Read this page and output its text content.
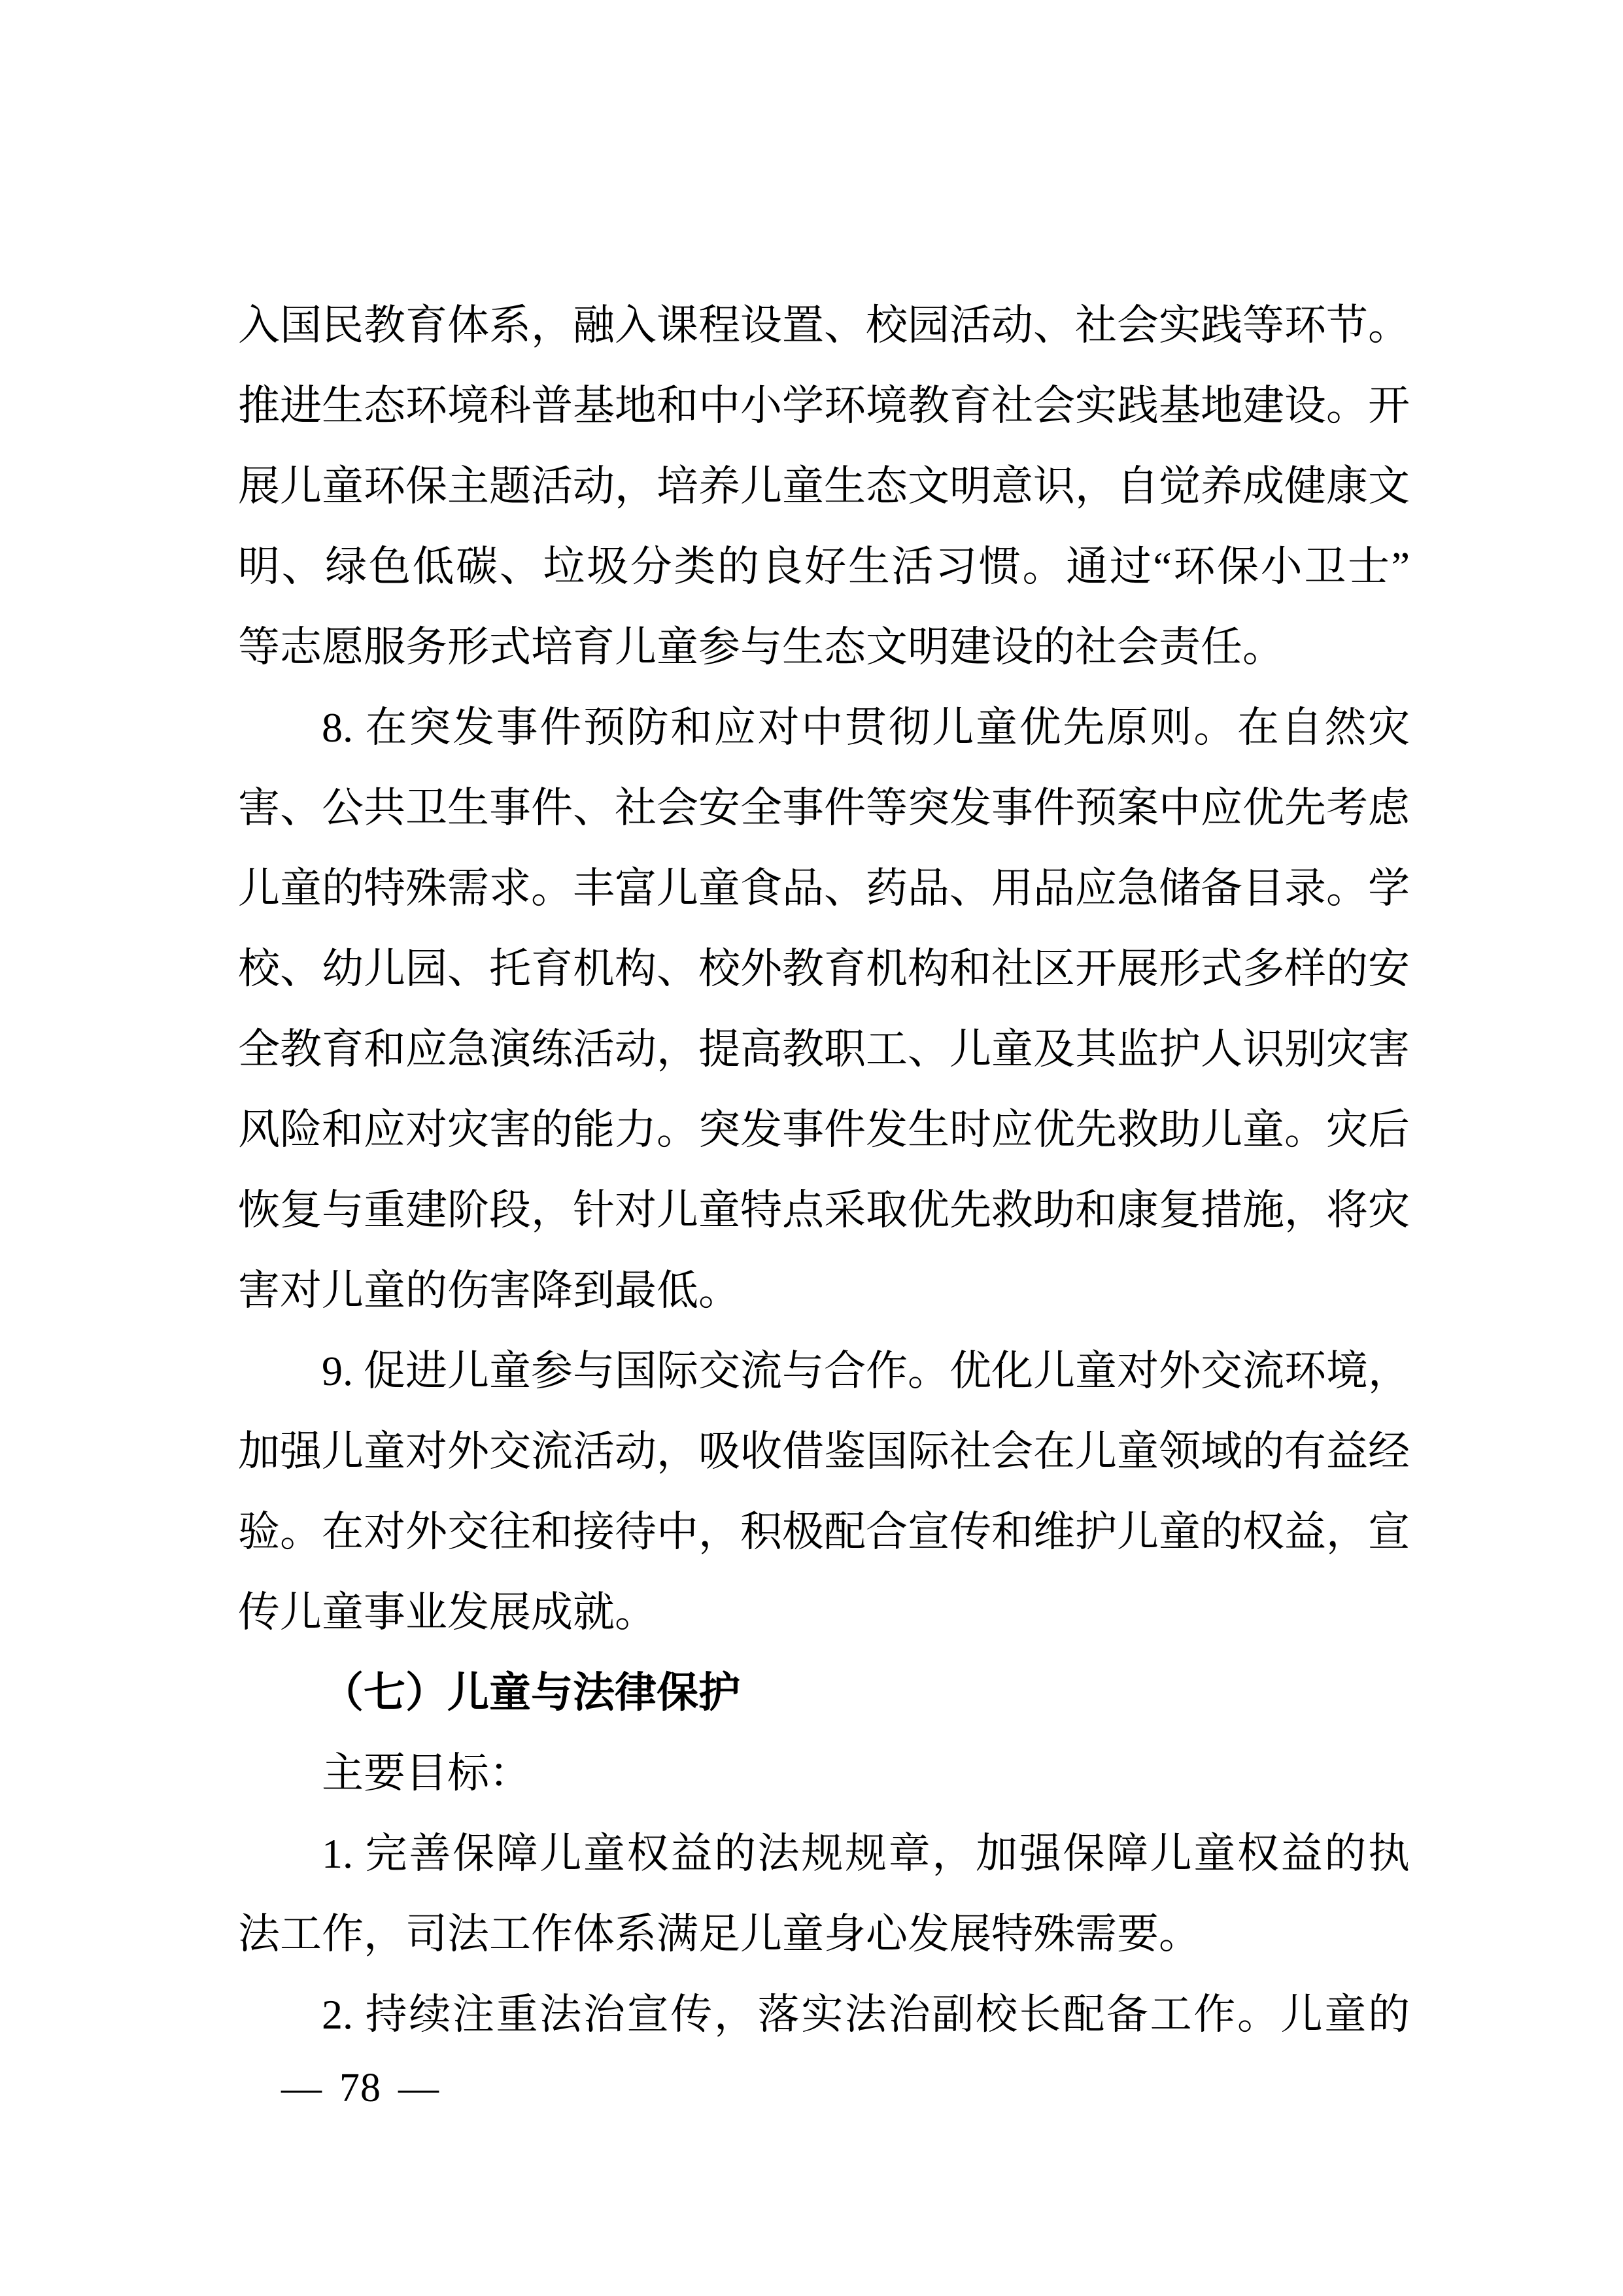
入国民教育体系，融入课程设置、校园活动、社会实践等环节。

推进生态环境科普基地和中小学环境教育社会实践基地建设。开

展儿童环保主题活动，培养儿童生态文明意识，自觉养成健康文

明、绿色低碳、垃圾分类的良好生活习惯。通过“环保小卫士”

等志愿服务形式培育儿童参与生态文明建设的社会责任。

8. 在突发事件预防和应对中贯彻儿童优先原则。在自然灾

害、公共卫生事件、社会安全事件等突发事件预案中应优先考虑

儿童的特殊需求。丰富儿童食品、药品、用品应急储备目录。学

校、幼儿园、托育机构、校外教育机构和社区开展形式多样的安

全教育和应急演练活动，提高教职工、儿童及其监护人识别灾害

风险和应对灾害的能力。突发事件发生时应优先救助儿童。灾后

恢复与重建阶段，针对儿童特点采取优先救助和康复措施，将灾

害对儿童的伤害降到最低。

9. 促进儿童参与国际交流与合作。优化儿童对外交流环境，

加强儿童对外交流活动，吸收借鉴国际社会在儿童领域的有益经

验。在对外交往和接待中，积极配合宣传和维护儿童的权益，宣

传儿童事业发展成就。

（七）儿童与法律保护

主要目标：

1. 完善保障儿童权益的法规规章，加强保障儿童权益的执

法工作，司法工作体系满足儿童身心发展特殊需要。

2. 持续注重法治宣传，落实法治副校长配备工作。儿童的

— 78 —
